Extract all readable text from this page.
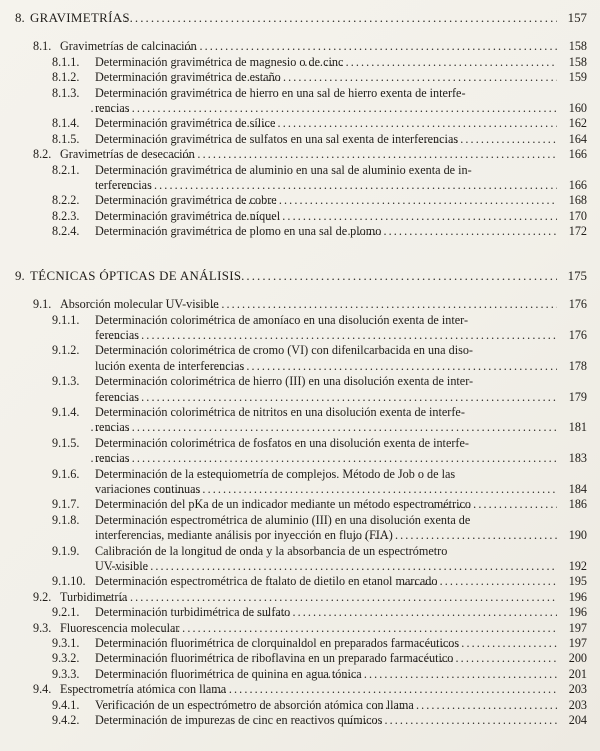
8. GRAVIMETRÍAS	157
8.1. Gravimetrías de calcinación	158
8.1.1. Determinación gravimétrica de magnesio o de cinc	158
8.1.2. Determinación gravimétrica de estaño	159
8.1.3. Determinación gravimétrica de hierro en una sal de hierro exenta de interfe-
rencias	160
8.1.4. Determinación gravimétrica de sílice	162
8.1.5. Determinación gravimétrica de sulfatos en una sal exenta de interferencias	164
8.2. Gravimetrías de desecación	166
8.2.1. Determinación gravimétrica de aluminio en una sal de aluminio exenta de in-
terferencias	166
8.2.2. Determinación gravimétrica de cobre	168
8.2.3. Determinación gravimétrica de níquel	170
8.2.4. Determinación gravimétrica de plomo en una sal de plomo	172
9. TÉCNICAS ÓPTICAS DE ANÁLISIS	175
9.1. Absorción molecular UV-visible	176
9.1.1. Determinación colorimétrica de amoníaco en una disolución exenta de inter-
ferencias	176
9.1.2. Determinación colorimétrica de cromo (VI) con difenilcarbacida en una diso-
lución exenta de interferencias	178
9.1.3. Determinación colorimétrica de hierro (III) en una disolución exenta de inter-
ferencias	179
9.1.4. Determinación colorimétrica de nitritos en una disolución exenta de interfe-
rencias	181
9.1.5. Determinación colorimétrica de fosfatos en una disolución exenta de interfe-
rencias	183
9.1.6. Determinación de la estequiometría de complejos. Método de Job o de las
variaciones continuas	184
9.1.7. Determinación del pKa de un indicador mediante un método espectrométrico	186
9.1.8. Determinación espectrométrica de aluminio (III) en una disolución exenta de
interferencias, mediante análisis por inyección en flujo (FIA)	190
9.1.9. Calibración de la longitud de onda y la absorbancia de un espectrómetro
UV-visible	192
9.1.10. Determinación espectrométrica de ftalato de dietilo en etanol marcado	195
9.2. Turbidimetría	196
9.2.1. Determinación turbidimétrica de sulfato	196
9.3. Fluorescencia molecular	197
9.3.1. Determinación fluorimétrica de clorquinaldol en preparados farmacéuticos	197
9.3.2. Determinación fluorimétrica de riboflavina en un preparado farmacéutico	200
9.3.3. Determinación fluorimétrica de quinina en agua tónica	201
9.4. Espectrometría atómica con llama	203
9.4.1. Verificación de un espectrómetro de absorción atómica con llama	203
9.4.2. Determinación de impurezas de cinc en reactivos químicos	204
